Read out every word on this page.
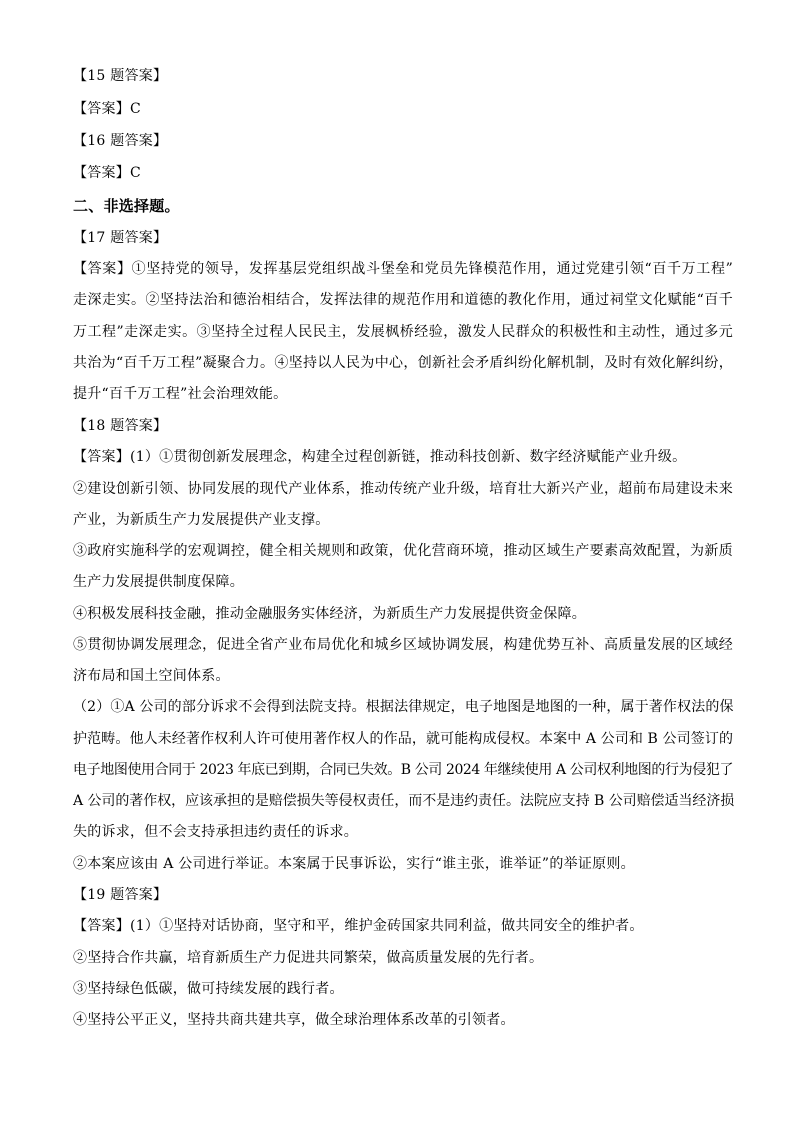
【15 题答案】
【答案】C
【16 题答案】
【答案】C
二、非选择题。
【17 题答案】
【答案】①坚持党的领导，发挥基层党组织战斗堡垒和党员先锋模范作用，通过党建引领“百千万工程”
走深走实。②坚持法治和德治相结合，发挥法律的规范作用和道德的教化作用，通过祠堂文化赋能“百千
万工程”走深走实。③坚持全过程人民民主，发展枫桥经验，激发人民群众的积极性和主动性，通过多元
共治为“百千万工程”凝聚合力。④坚持以人民为中心，创新社会矛盾纠纷化解机制，及时有效化解纠纷，
提升“百千万工程”社会治理效能。
【18 题答案】
【答案】(1）①贯彻创新发展理念，构建全过程创新链，推动科技创新、数字经济赋能产业升级。
②建设创新引领、协同发展的现代产业体系，推动传统产业升级，培育壮大新兴产业，超前布局建设未来
产业，为新质生产力发展提供产业支撑。
③政府实施科学的宏观调控，健全相关规则和政策，优化营商环境，推动区域生产要素高效配置，为新质
生产力发展提供制度保障。
④积极发展科技金融，推动金融服务实体经济，为新质生产力发展提供资金保障。
⑤贯彻协调发展理念，促进全省产业布局优化和城乡区域协调发展，构建优势互补、高质量发展的区域经
济布局和国土空间体系。
（2）①A 公司的部分诉求不会得到法院支持。根据法律规定，电子地图是地图的一种，属于著作权法的保
护范畴。他人未经著作权利人许可使用著作权人的作品，就可能构成侵权。本案中 A 公司和 B 公司签订的
电子地图使用合同于 2023 年底已到期，合同已失效。B 公司 2024 年继续使用 A 公司权利地图的行为侵犯了
A 公司的著作权，应该承担的是赔偿损失等侵权责任，而不是违约责任。法院应支持 B 公司赔偿适当经济损
失的诉求，但不会支持承担违约责任的诉求。
②本案应该由 A 公司进行举证。本案属于民事诉讼，实行“谁主张，谁举证”的举证原则。
【19 题答案】
【答案】(1）①坚持对话协商，坚守和平，维护金砖国家共同利益，做共同安全的维护者。
②坚持合作共赢，培育新质生产力促进共同繁荣，做高质量发展的先行者。
③坚持绿色低碳，做可持续发展的践行者。
④坚持公平正义，坚持共商共建共享，做全球治理体系改革的引领者。
